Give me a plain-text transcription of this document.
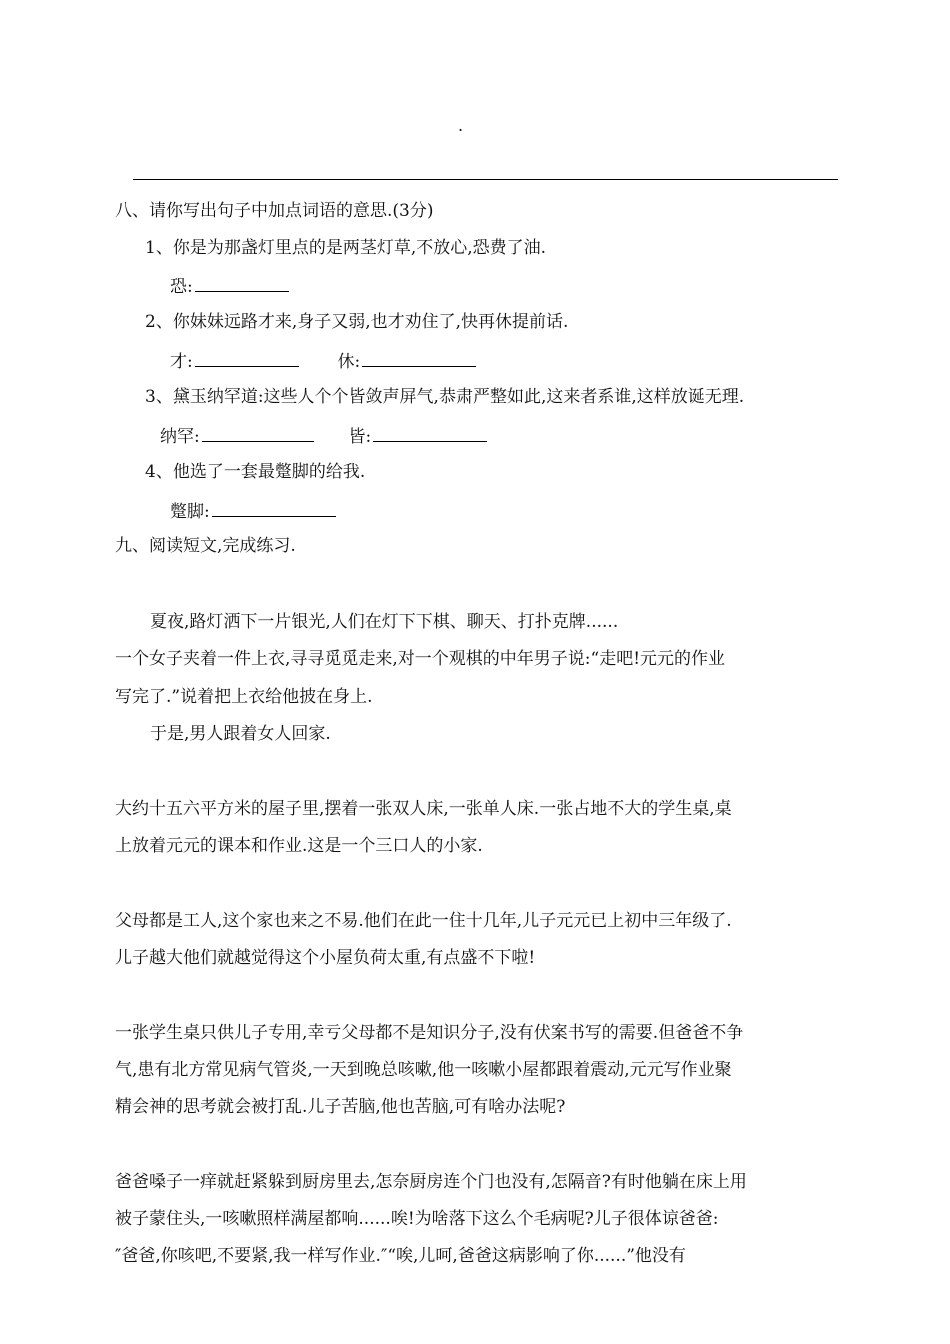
.
八、请你写出句子中加点词语的意思.(3分)
1、你是为那盏灯里点的是两茎灯草,不放心,恐费了油.
恐:
2、你妹妹远路才来,身子又弱,也才劝住了,快再休提前话.
才:	休:
3、黛玉纳罕道:这些人个个皆敛声屏气,恭肃严整如此,这来者系谁,这样放诞无理.
纳罕:	皆:
4、他选了一套最蹩脚的给我.
蹩脚:
九、阅读短文,完成练习.
夏夜,路灯洒下一片银光,人们在灯下下棋、聊天、打扑克牌......
一个女子夹着一件上衣,寻寻觅觅走来,对一个观棋的中年男子说:“走吧!元元的作业
写完了.”说着把上衣给他披在身上.
于是,男人跟着女人回家.
大约十五六平方米的屋子里,摆着一张双人床,一张单人床.一张占地不大的学生桌,桌
上放着元元的课本和作业.这是一个三口人的小家.
父母都是工人,这个家也来之不易.他们在此一住十几年,儿子元元已上初中三年级了.
儿子越大他们就越觉得这个小屋负荷太重,有点盛不下啦!
一张学生桌只供儿子专用,幸亏父母都不是知识分子,没有伏案书写的需要.但爸爸不争
气,患有北方常见病气管炎,一天到晚总咳嗽,他一咳嗽小屋都跟着震动,元元写作业聚
精会神的思考就会被打乱.儿子苦脑,他也苦脑,可有啥办法呢?
爸爸嗓子一痒就赶紧躲到厨房里去,怎奈厨房连个门也没有,怎隔音?有时他躺在床上用
被子蒙住头,一咳嗽照样满屋都响......唉!为啥落下这么个毛病呢?儿子很体谅爸爸:
″爸爸,你咳吧,不要紧,我一样写作业.″“唉,儿呵,爸爸这病影响了你......”他没有
